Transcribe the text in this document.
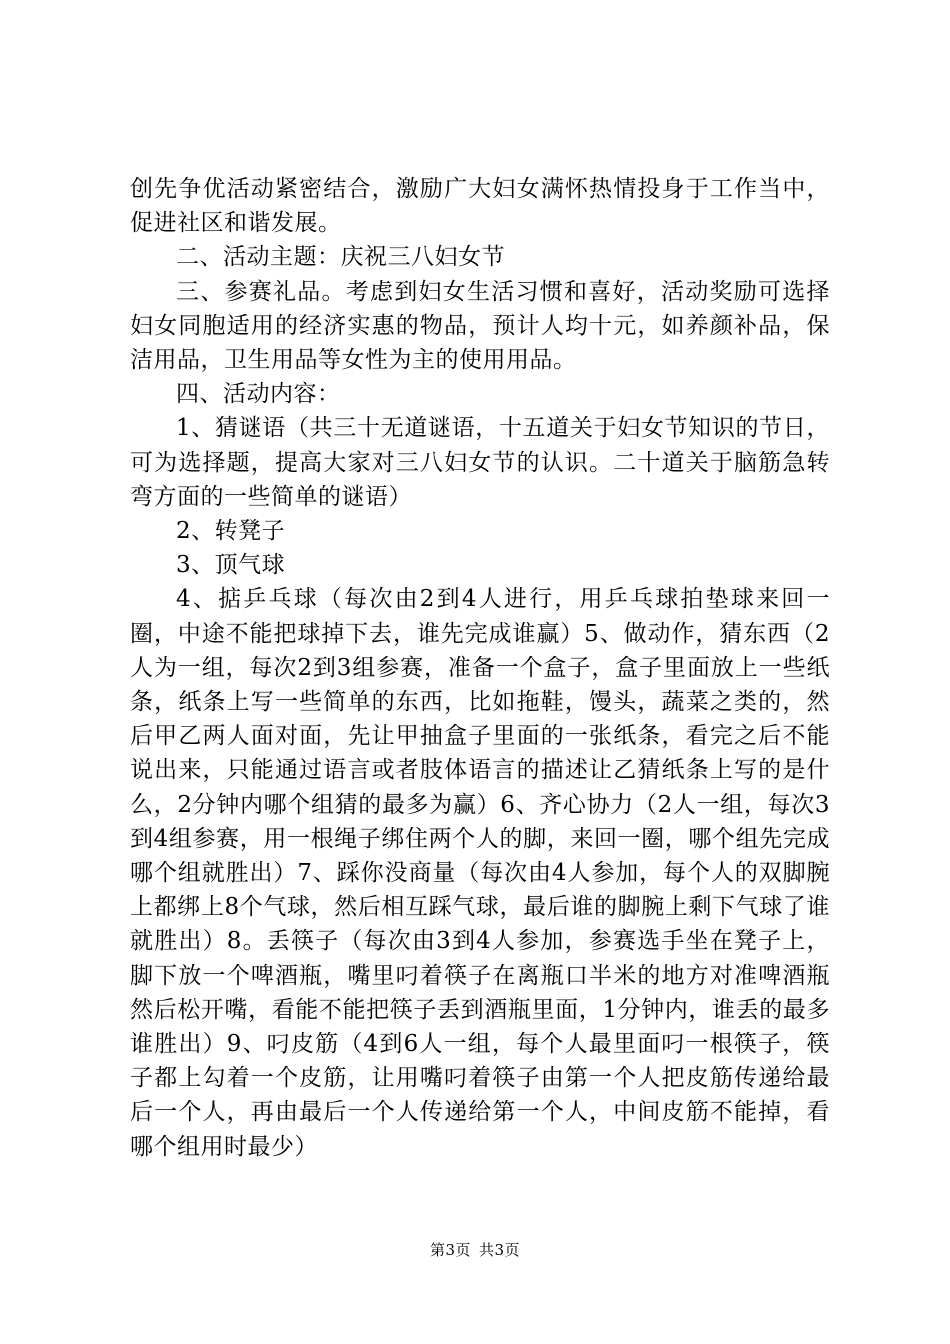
创先争优活动紧密结合，激励广大妇女满怀热情投身于工作当中，促进社区和谐发展。

二、活动主题：庆祝三八妇女节

三、参赛礼品。考虑到妇女生活习惯和喜好，活动奖励可选择妇女同胞适用的经济实惠的物品，预计人均十元，如养颜补品，保洁用品，卫生用品等女性为主的使用用品。

四、活动内容：

1、猜谜语（共三十无道谜语，十五道关于妇女节知识的节日，可为选择题，提高大家对三八妇女节的认识。二十道关于脑筋急转弯方面的一些简单的谜语）

2、转凳子

3、顶气球

4、掂乒乓球（每次由2到4人进行，用乒乓球拍垫球来回一圈，中途不能把球掉下去，谁先完成谁赢）5、做动作，猜东西（2人为一组，每次2到3组参赛，准备一个盒子，盒子里面放上一些纸条，纸条上写一些简单的东西，比如拖鞋，馒头，蔬菜之类的，然后甲乙两人面对面，先让甲抽盒子里面的一张纸条，看完之后不能说出来，只能通过语言或者肢体语言的描述让乙猜纸条上写的是什么，2分钟内哪个组猜的最多为赢）6、齐心协力（2人一组，每次3到4组参赛，用一根绳子绑住两个人的脚，来回一圈，哪个组先完成哪个组就胜出）7、踩你没商量（每次由4人参加，每个人的双脚腕上都绑上8个气球，然后相互踩气球，最后谁的脚腕上剩下气球了谁就胜出）8。丢筷子（每次由3到4人参加，参赛选手坐在凳子上，脚下放一个啤酒瓶，嘴里叼着筷子在离瓶口半米的地方对准啤酒瓶然后松开嘴，看能不能把筷子丢到酒瓶里面，1分钟内，谁丢的最多谁胜出）9、叼皮筋（4到6人一组，每个人最里面叼一根筷子，筷子都上勾着一个皮筋，让用嘴叼着筷子由第一个人把皮筋传递给最后一个人，再由最后一个人传递给第一个人，中间皮筋不能掉，看哪个组用时最少）

第3页 共3页
